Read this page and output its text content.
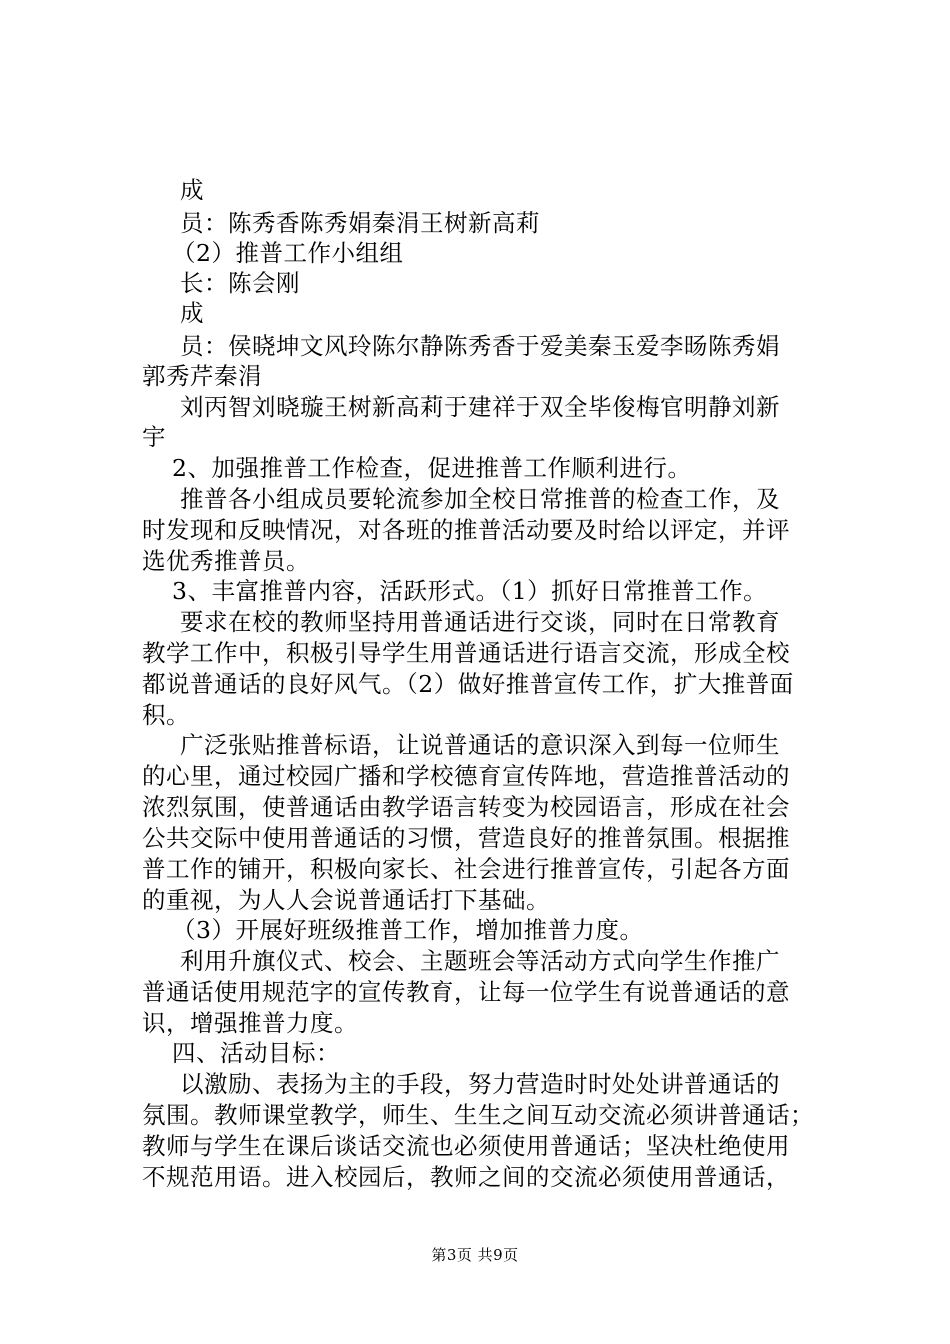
成
员：陈秀香陈秀娟秦涓王树新高莉
（2）推普工作小组组
长：陈会刚
成
员：侯晓坤文风玲陈尔静陈秀香于爱美秦玉爱李旸陈秀娟
郭秀芹秦涓
刘丙智刘晓璇王树新高莉于建祥于双全毕俊梅官明静刘新
宇
2、加强推普工作检查，促进推普工作顺利进行。
推普各小组成员要轮流参加全校日常推普的检查工作，及
时发现和反映情况，对各班的推普活动要及时给以评定，并评
选优秀推普员。
3、丰富推普内容，活跃形式。（1）抓好日常推普工作。
要求在校的教师坚持用普通话进行交谈，同时在日常教育
教学工作中，积极引导学生用普通话进行语言交流，形成全校
都说普通话的良好风气。（2）做好推普宣传工作，扩大推普面
积。
广泛张贴推普标语，让说普通话的意识深入到每一位师生
的心里，通过校园广播和学校德育宣传阵地，营造推普活动的
浓烈氛围，使普通话由教学语言转变为校园语言，形成在社会
公共交际中使用普通话的习惯，营造良好的推普氛围。根据推
普工作的铺开，积极向家长、社会进行推普宣传，引起各方面
的重视，为人人会说普通话打下基础。
（3）开展好班级推普工作，增加推普力度。
利用升旗仪式、校会、主题班会等活动方式向学生作推广
普通话使用规范字的宣传教育，让每一位学生有说普通话的意
识，增强推普力度。
四、活动目标：
以激励、表扬为主的手段，努力营造时时处处讲普通话的
氛围。教师课堂教学，师生、生生之间互动交流必须讲普通话；
教师与学生在课后谈话交流也必须使用普通话；坚决杜绝使用
不规范用语。进入校园后，教师之间的交流必须使用普通话，
第3页 共9页
